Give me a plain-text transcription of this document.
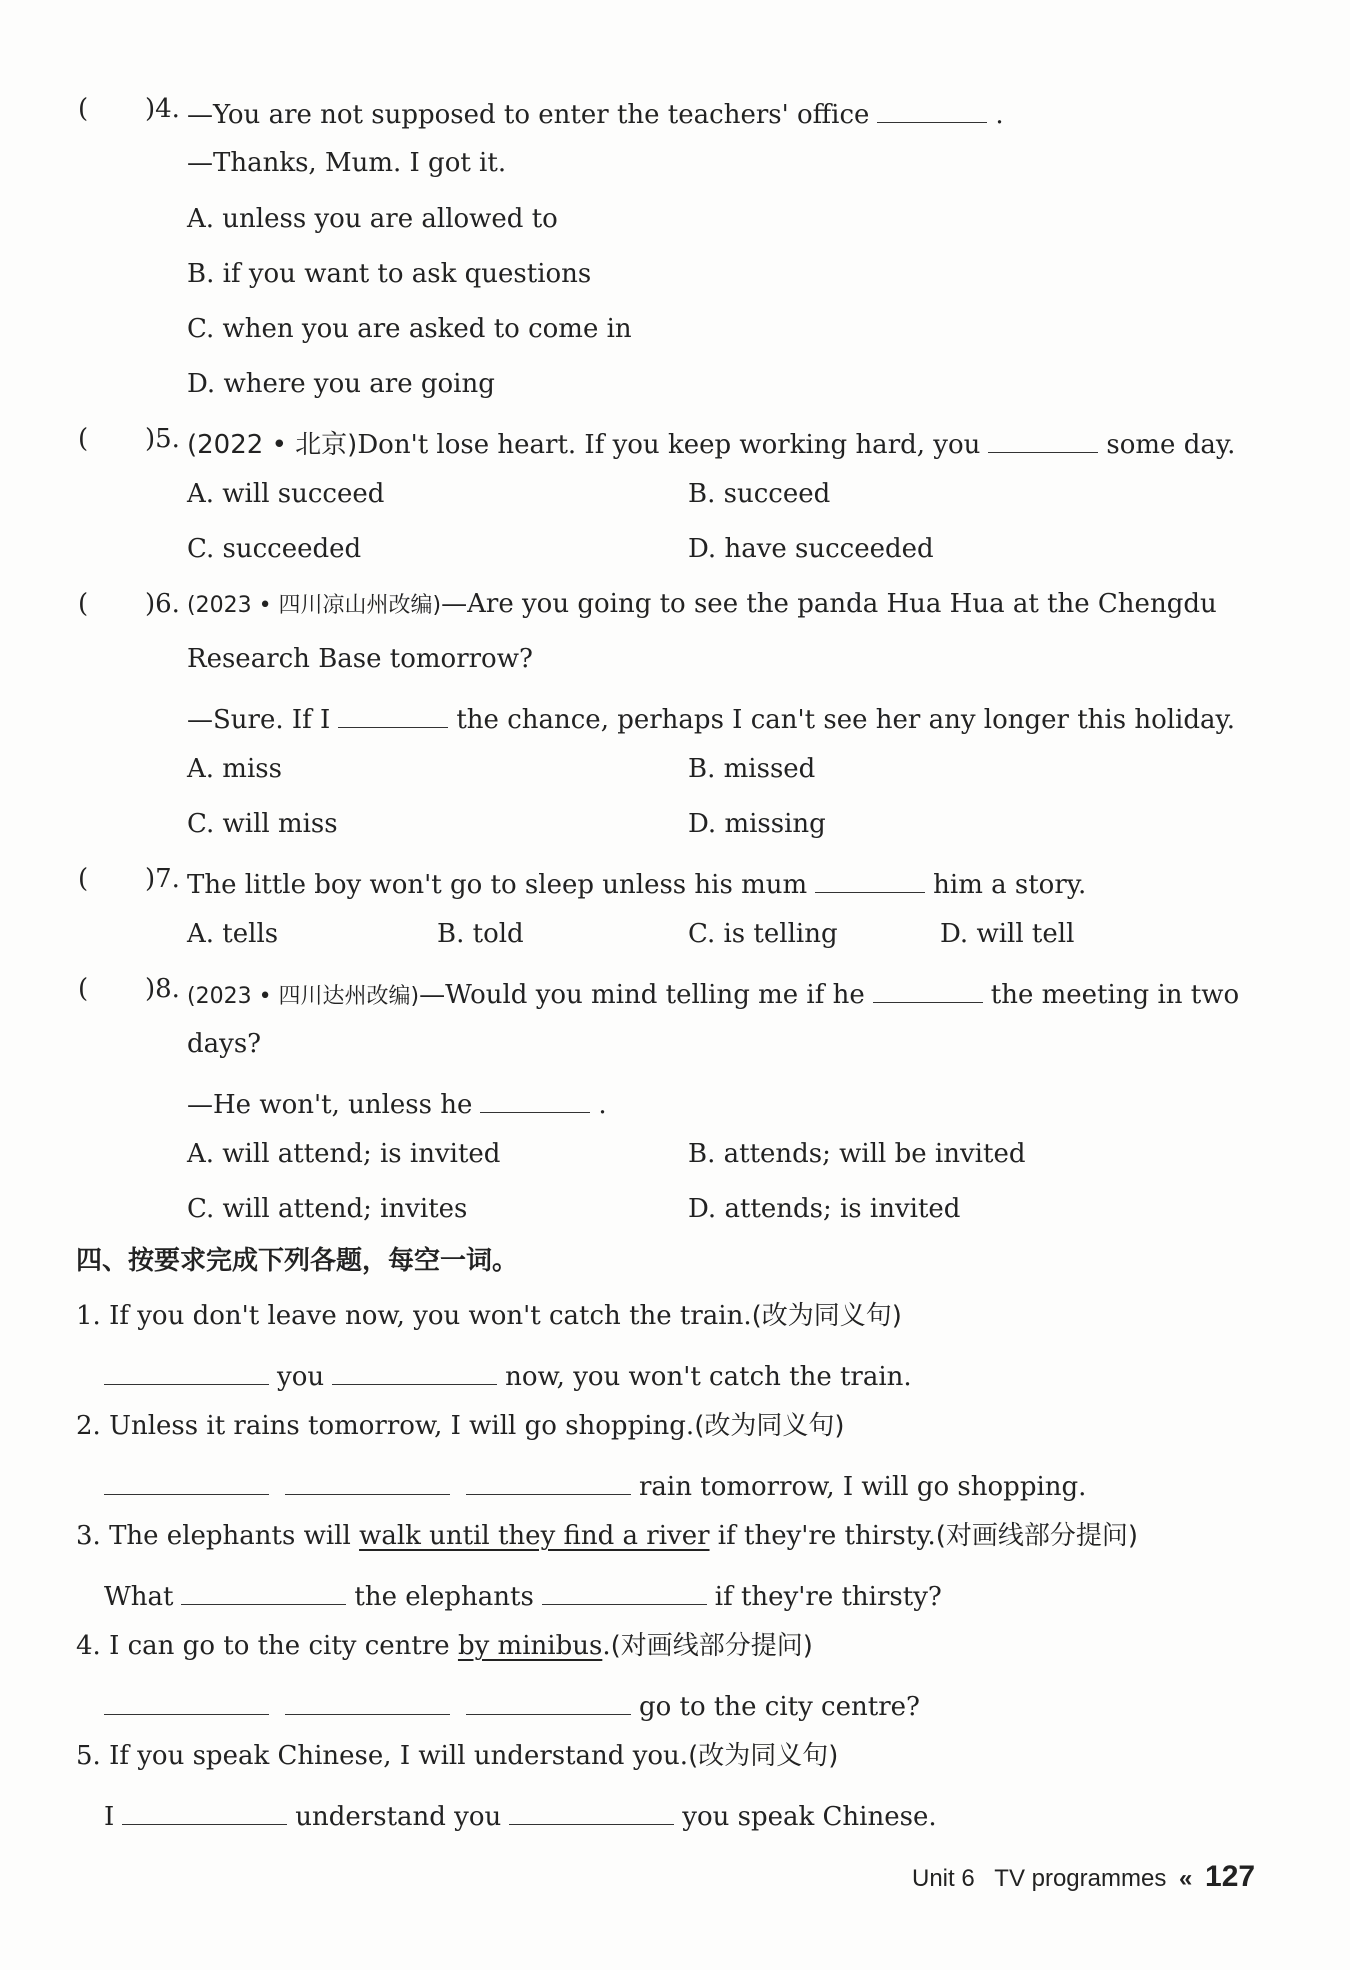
( )4. —You are not supposed to enter the teachers' office	.
—Thanks, Mum. I got it.
A. unless you are allowed to
B. if you want to ask questions
C. when you are asked to come in
D. where you are going
( )5. (2022 • 北京)Don't lose heart. If you keep working hard, you	some day.
A. will succeed	B. succeed
C. succeeded	D. have succeeded
( )6. (2023 • 四川凉山州改编)—Are you going to see the panda Hua Hua at the Chengdu
Research Base tomorrow?
—Sure. If I	the chance, perhaps I can't see her any longer this holiday.
A. miss	B. missed
C. will miss	D. missing
( )7. The little boy won't go to sleep unless his mum	him a story.
A. tells	B. told	C. is telling	D. will tell
( )8. (2023 • 四川达州改编)—Would you mind telling me if he	the meeting in two
days?
—He won't, unless he	.
A. will attend; is invited	B. attends; will be invited
C. will attend; invites	D. attends; is invited
四、按要求完成下列各题，每空一词。
1. If you don't leave now, you won't catch the train.(改为同义句)
you	now, you won't catch the train.
2. Unless it rains tomorrow, I will go shopping.(改为同义句)
rain tomorrow, I will go shopping.
3. The elephants will walk until they find a river if they're thirsty.(对画线部分提问)
What	the elephants	if they're thirsty?
4. I can go to the city centre by minibus.(对画线部分提问)
go to the city centre?
5. If you speak Chinese, I will understand you.(改为同义句)
I	understand you	you speak Chinese.
Unit 6 TV programmes « 127
